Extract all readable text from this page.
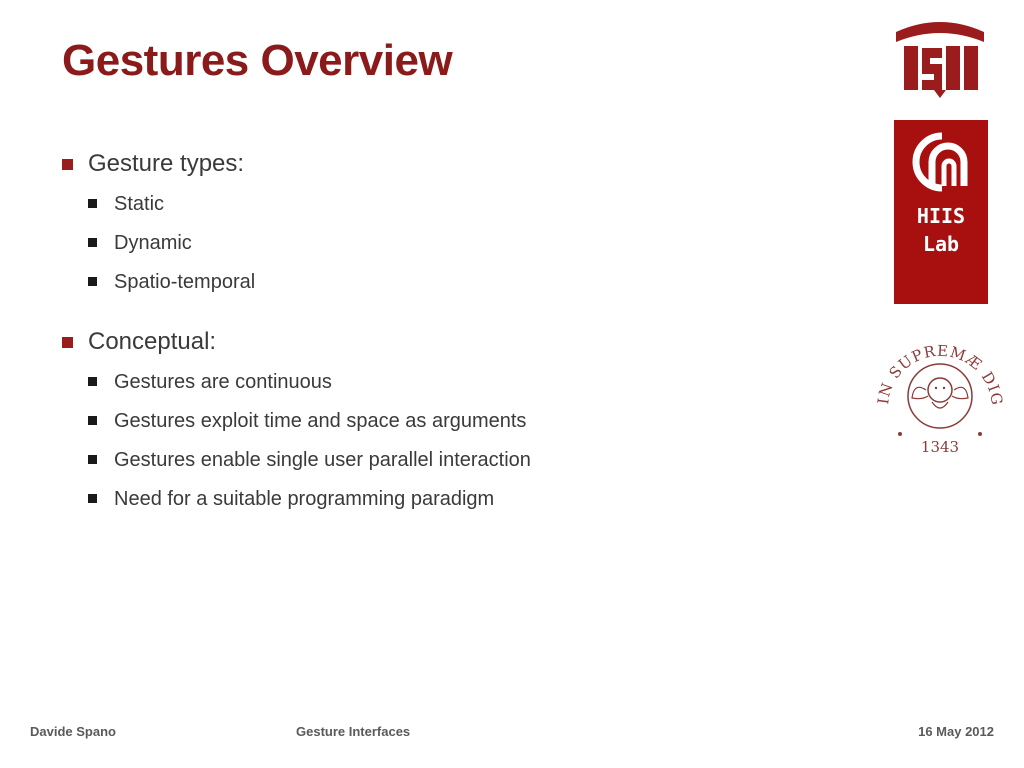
Gestures Overview
Gesture types:
Static
Dynamic
Spatio-temporal
Conceptual:
Gestures are continuous
Gestures exploit time and space as arguments
Gestures enable single user parallel interaction
Need for a suitable programming paradigm
HIIS
Lab
IN SUPREMÆ DIG
1343
Davide Spano	Gesture Interfaces	16 May 2012
